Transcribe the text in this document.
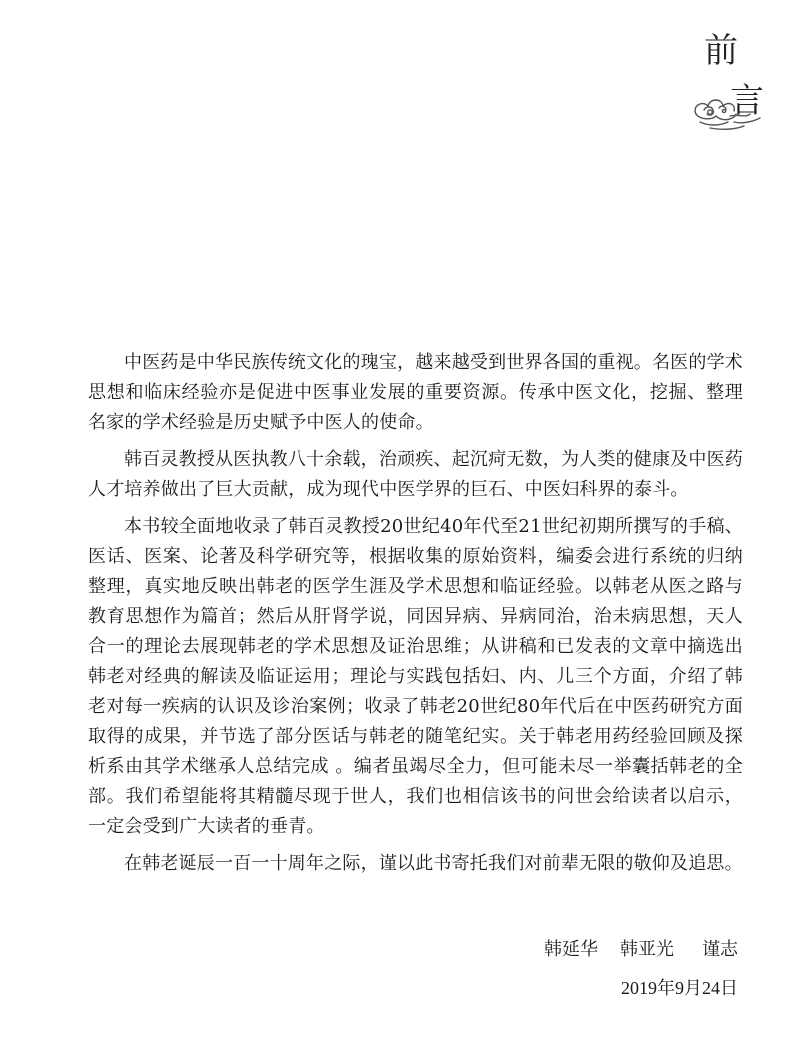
前
言

中医药是中华民族传统文化的瑰宝，越来越受到世界各国的重视。名医的学术思想和临床经验亦是促进中医事业发展的重要资源。传承中医文化，挖掘、整理名家的学术经验是历史赋予中医人的使命。

韩百灵教授从医执教八十余载，治顽疾、起沉疴无数，为人类的健康及中医药人才培养做出了巨大贡献，成为现代中医学界的巨石、中医妇科界的泰斗。

本书较全面地收录了韩百灵教授20世纪40年代至21世纪初期所撰写的手稿、医话、医案、论著及科学研究等，根据收集的原始资料，编委会进行系统的归纳整理，真实地反映出韩老的医学生涯及学术思想和临证经验。以韩老从医之路与教育思想作为篇首；然后从肝肾学说，同因异病、异病同治，治未病思想，天人合一的理论去展现韩老的学术思想及证治思维；从讲稿和已发表的文章中摘选出韩老对经典的解读及临证运用；理论与实践包括妇、内、儿三个方面，介绍了韩老对每一疾病的认识及诊治案例；收录了韩老20世纪80年代后在中医药研究方面取得的成果，并节选了部分医话与韩老的随笔纪实。关于韩老用药经验回顾及探析系由其学术继承人总结完成 。编者虽竭尽全力，但可能未尽一举囊括韩老的全部。我们希望能将其精髓尽现于世人，我们也相信该书的问世会给读者以启示，一定会受到广大读者的垂青。

在韩老诞辰一百一十周年之际，谨以此书寄托我们对前辈无限的敬仰及追思。

韩延华 韩亚光 谨志
2019年9月24日
